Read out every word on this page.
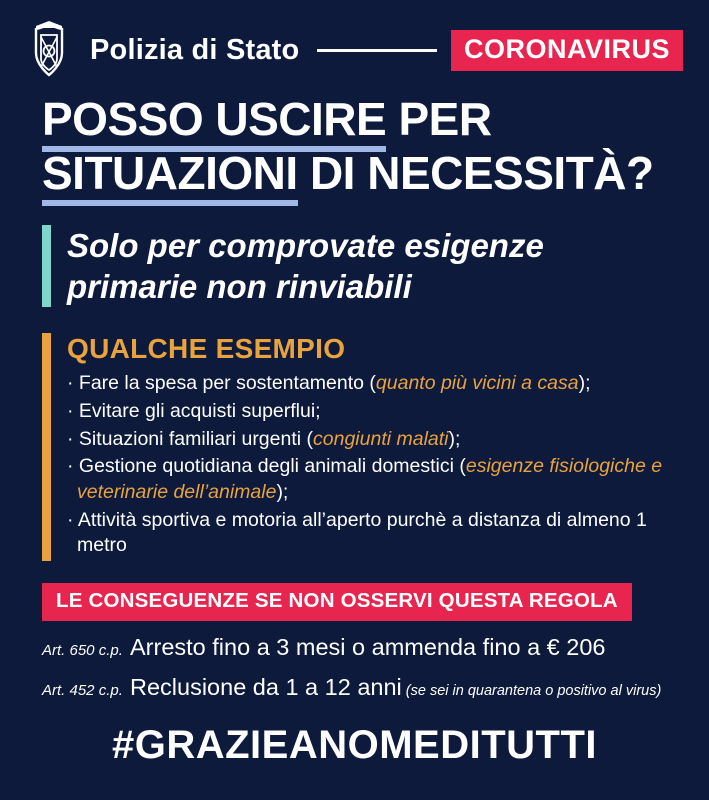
Polizia di Stato	CORONAVIRUS
POSSO USCIRE PER
SITUAZIONI DI NECESSITÀ?
Solo per comprovate esigenze
primarie non rinviabili
QUALCHE ESEMPIO
· Fare la spesa per sostentamento (quanto più vicini a casa);
· Evitare gli acquisti superflui;
· Situazioni familiari urgenti (congiunti malati);
· Gestione quotidiana degli animali domestici (esigenze fisiologiche e veterinarie dell’animale);
· Attività sportiva e motoria all’aperto purchè a distanza di almeno 1 metro
LE CONSEGUENZE SE NON OSSERVI QUESTA REGOLA
Art. 650 c.p. Arresto fino a 3 mesi o ammenda fino a € 206
Art. 452 c.p. Reclusione da 1 a 12 anni (se sei in quarantena o positivo al virus)
#GRAZIEANOMEDITUTTI
